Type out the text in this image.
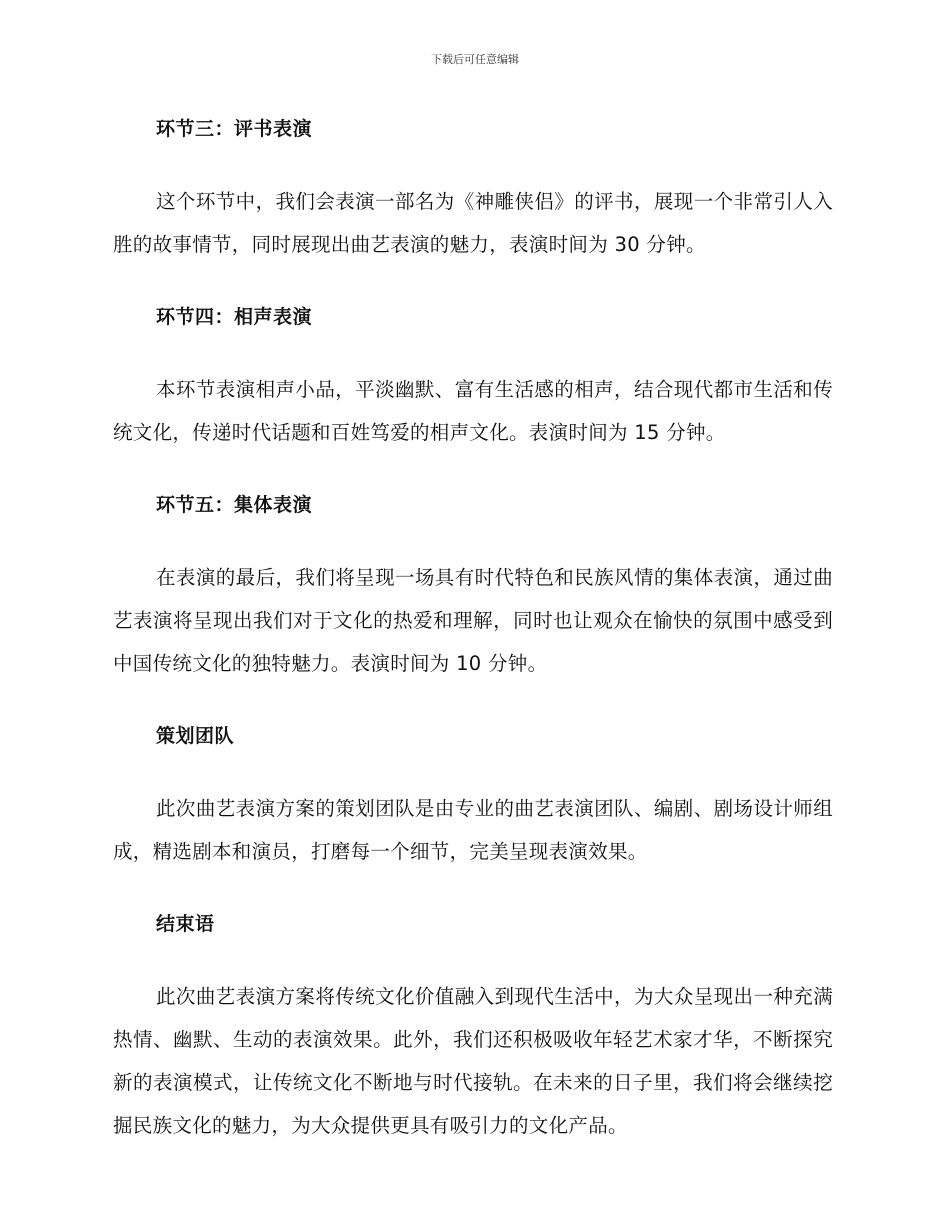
下载后可任意编辑
环节三：评书表演

这个环节中，我们会表演一部名为《神雕侠侣》的评书，展现一个非常引人入胜的故事情节，同时展现出曲艺表演的魅力，表演时间为 30 分钟。

环节四：相声表演

本环节表演相声小品，平淡幽默、富有生活感的相声，结合现代都市生活和传统文化，传递时代话题和百姓笃爱的相声文化。表演时间为 15 分钟。

环节五：集体表演

在表演的最后，我们将呈现一场具有时代特色和民族风情的集体表演，通过曲艺表演将呈现出我们对于文化的热爱和理解，同时也让观众在愉快的氛围中感受到中国传统文化的独特魅力。表演时间为 10 分钟。

策划团队

此次曲艺表演方案的策划团队是由专业的曲艺表演团队、编剧、剧场设计师组成，精选剧本和演员，打磨每一个细节，完美呈现表演效果。

结束语

此次曲艺表演方案将传统文化价值融入到现代生活中，为大众呈现出一种充满热情、幽默、生动的表演效果。此外，我们还积极吸收年轻艺术家才华，不断探究新的表演模式，让传统文化不断地与时代接轨。在未来的日子里，我们将会继续挖掘民族文化的魅力，为大众提供更具有吸引力的文化产品。
